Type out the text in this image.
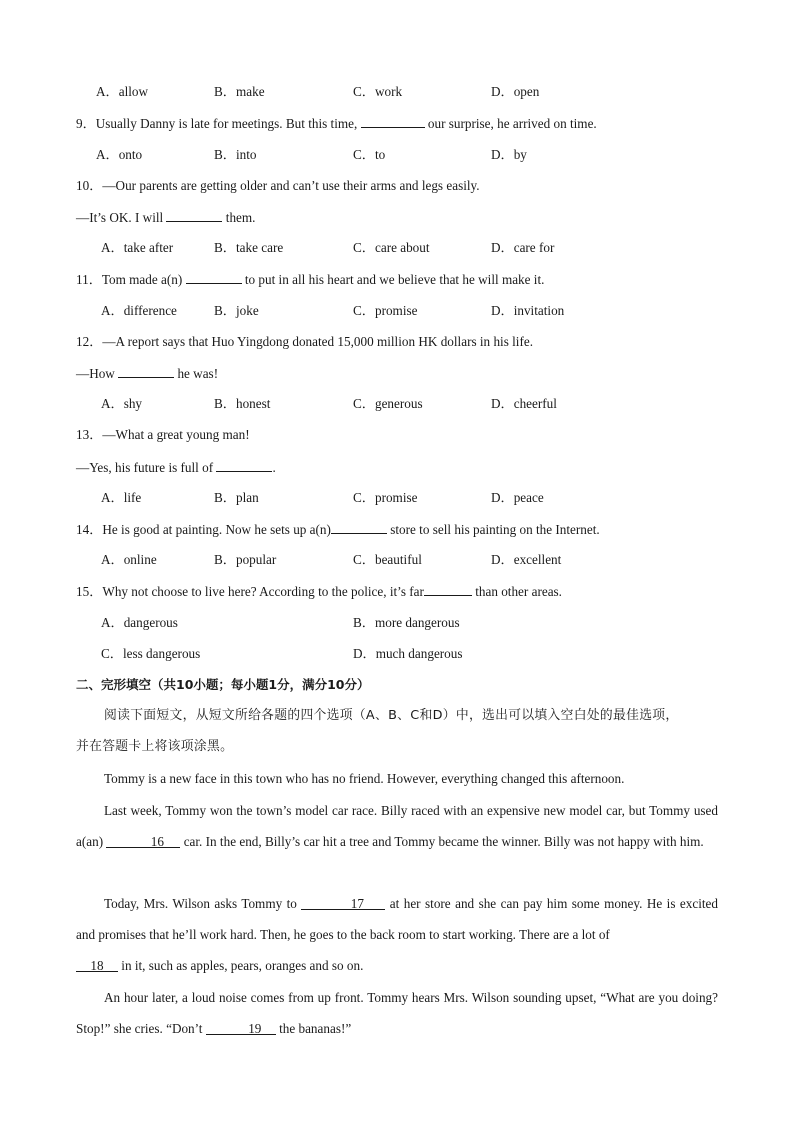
A．allow	B．make	C．work	D．open
9．Usually Danny is late for meetings. But this time,	our surprise, he arrived on time.
A．onto	B．into	C．to	D．by
10．—Our parents are getting older and can’t use their arms and legs easily.
—It’s OK. I will	them.
A．take after	B．take care	C．care about	D．care for
11．Tom made a(n)	to put in all his heart and we believe that he will make it.
A．difference	B．joke	C．promise	D．invitation
12．—A report says that Huo Yingdong donated 15,000 million HK dollars in his life.
—How	he was!
A．shy	B．honest	C．generous	D．cheerful
13．—What a great young man!
—Yes, his future is full of	.
A．life	B．plan	C．promise	D．peace
14．He is good at painting. Now he sets up a(n)	store to sell his painting on the Internet.
A．online	B．popular	C．beautiful	D．excellent
15．Why not choose to live here? According to the police, it’s far	than other areas.
A．dangerous	B．more dangerous
C．less dangerous	D．much dangerous
二、完形填空（共10小题；每小题1分，满分10分）
阅读下面短文，从短文所给各题的四个选项（A、B、C和D）中，选出可以填入空白处的最佳选项，
并在答题卡上将该项涂黑。
Tommy is a new face in this town who has no friend. However, everything changed this afternoon.
Last week, Tommy won the town’s model car race. Billy raced with an expensive new model car, but Tommy used a(an)	16 car. In the end, Billy’s car hit a tree and Tommy became the winner. Billy was not happy with him.
Today, Mrs. Wilson asks Tommy to	17 at her store and she can pay him some money. He is excited and promises that he’ll work hard. Then, he goes to the back room to start working. There are a lot of
18 in it, such as apples, pears, oranges and so on.
An hour later, a loud noise comes from up front. Tommy hears Mrs. Wilson sounding upset, “What are you doing? Stop!” she cries. “Don’t	19 the bananas!”
